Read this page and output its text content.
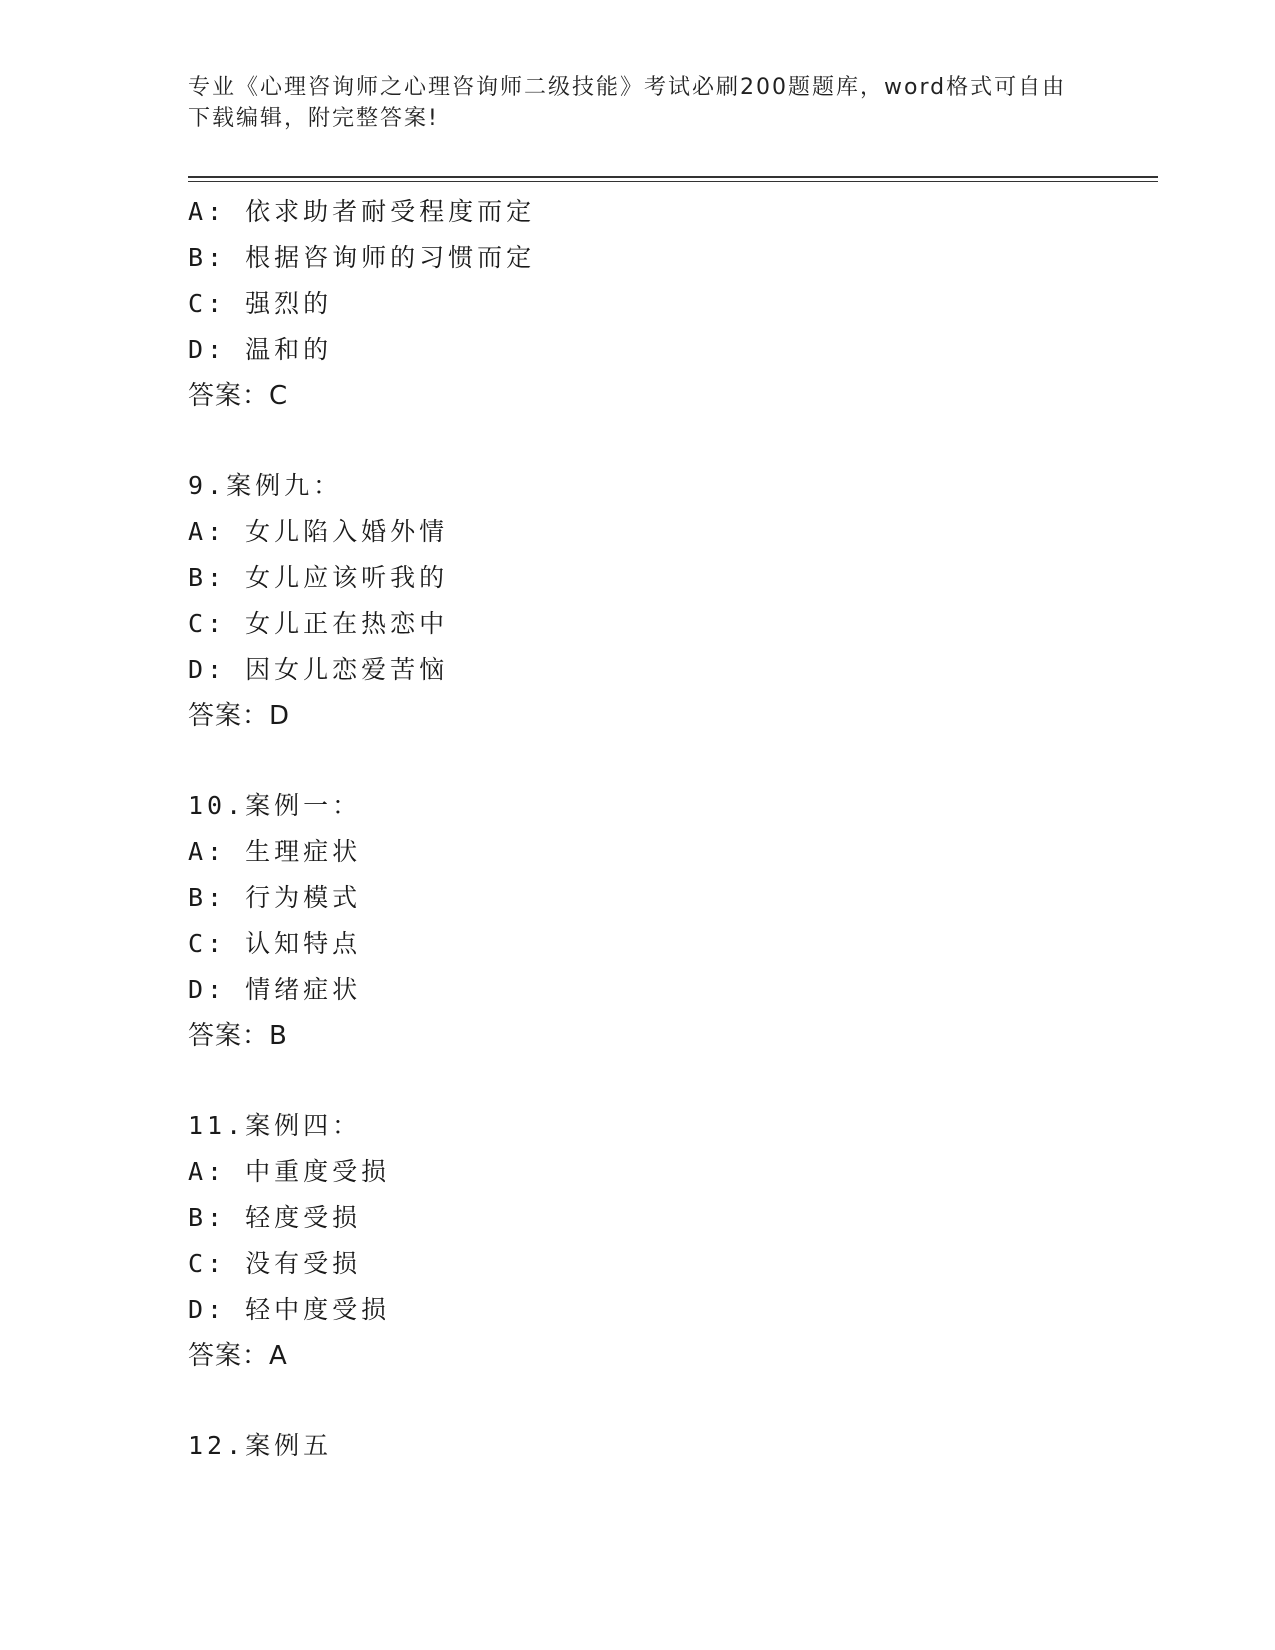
专业《心理咨询师之心理咨询师二级技能》考试必刷200题题库，word格式可自由下载编辑，附完整答案!
A: 依求助者耐受程度而定
B: 根据咨询师的习惯而定
C: 强烈的
D: 温和的
答案：C
9.案例九：
A: 女儿陷入婚外情
B: 女儿应该听我的
C: 女儿正在热恋中
D: 因女儿恋爱苦恼
答案：D
10.案例一：
A: 生理症状
B: 行为模式
C: 认知特点
D: 情绪症状
答案：B
11.案例四：
A: 中重度受损
B: 轻度受损
C: 没有受损
D: 轻中度受损
答案：A
12.案例五
